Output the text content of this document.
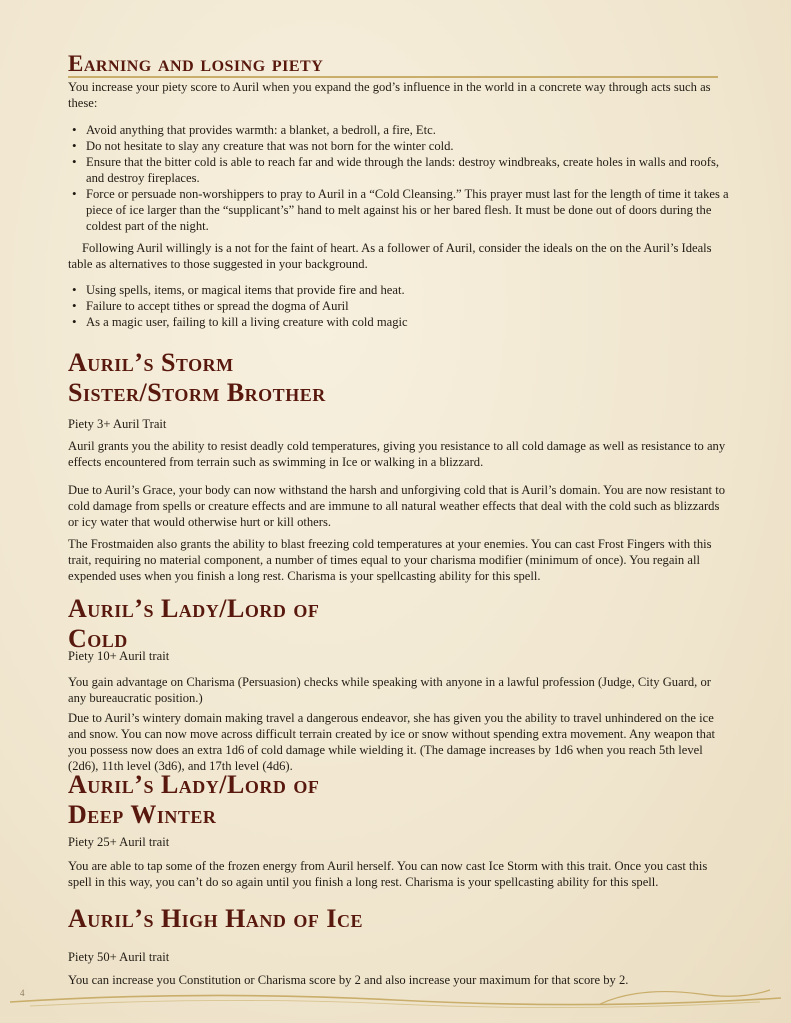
Earning and losing piety

You increase your piety score to Auril when you expand the god’s influence in the world in a concrete way through acts such as these:

• Avoid anything that provides warmth: a blanket, a bedroll, a fire, Etc.
• Do not hesitate to slay any creature that was not born for the winter cold.
• Ensure that the bitter cold is able to reach far and wide through the lands: destroy windbreaks, create holes in walls and roofs, and destroy fireplaces.
• Force or persuade non-worshippers to pray to Auril in a “Cold Cleansing.” This prayer must last for the length of time it takes a piece of ice larger than the “supplicant’s” hand to melt against his or her bared flesh. It must be done out of doors during the coldest part of the night.

Following Auril willingly is a not for the faint of heart. As a follower of Auril, consider the ideals on the on the Auril’s Ideals table as alternatives to those suggested in your background.

• Using spells, items, or magical items that provide fire and heat.
• Failure to accept tithes or spread the dogma of Auril
• As a magic user, failing to kill a living creature with cold magic
Auril’s Storm
Sister/Storm Brother

Piety 3+ Auril Trait

Auril grants you the ability to resist deadly cold temperatures, giving you resistance to all cold damage as well as resistance to any effects encountered from terrain such as swimming in Ice or walking in a blizzard.

Due to Auril’s Grace, your body can now withstand the harsh and unforgiving cold that is Auril’s domain. You are now resistant to cold damage from spells or creature effects and are immune to all natural weather effects that deal with the cold such as blizzards or icy water that would otherwise hurt or kill others.

The Frostmaiden also grants the ability to blast freezing cold temperatures at your enemies. You can cast Frost Fingers with this trait, requiring no material component, a number of times equal to your charisma modifier (minimum of once). You regain all expended uses when you finish a long rest. Charisma is your spellcasting ability for this spell.

Auril’s Lady/Lord of
Cold

Piety 10+ Auril trait

You gain advantage on Charisma (Persuasion) checks while speaking with anyone in a lawful profession (Judge, City Guard, or any bureaucratic position.)

Due to Auril’s wintery domain making travel a dangerous endeavor, she has given you the ability to travel unhindered on the ice and snow. You can now move across difficult terrain created by ice or snow without spending extra movement. Any weapon that you possess now does an extra 1d6 of cold damage while wielding it. (The damage increases by 1d6 when you reach 5th level (2d6), 11th level (3d6), and 17th level (4d6).

Auril’s Lady/Lord of
Deep Winter

Piety 25+ Auril trait

You are able to tap some of the frozen energy from Auril herself. You can now cast Ice Storm with this trait. Once you cast this spell in this way, you can’t do so again until you finish a long rest. Charisma is your spellcasting ability for this spell.

Auril’s High Hand of Ice

Piety 50+ Auril trait

You can increase you Constitution or Charisma score by 2 and also increase your maximum for that score by 2.

4
